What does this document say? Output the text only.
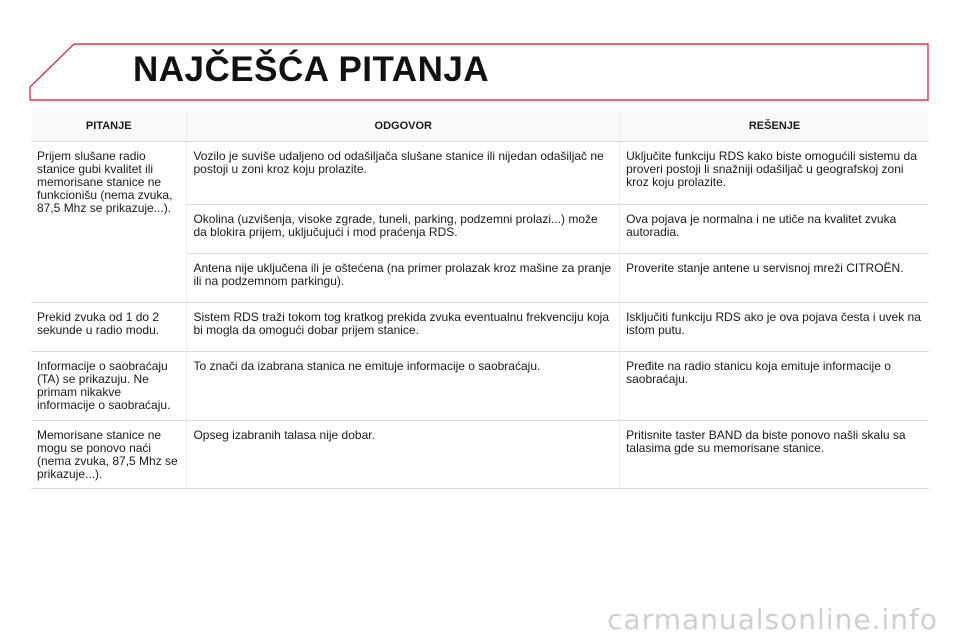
NAJČEŠĆA PITANJA
PITANJE	ODGOVOR	REŠENJE
Prijem slušane radio stanice gubi kvalitet ili memorisane stanice ne funkcionišu (nema zvuka, 87,5 Mhz se prikazuje...).	Vozilo je suviše udaljeno od odašiljača slušane stanice ili nijedan odašiljač ne postoji u zoni kroz koju prolazite.	Uključite funkciju RDS kako biste omogućili sistemu da proveri postoji li snažniji odašiljač u geografskoj zoni kroz koju prolazite.
	Okolina (uzvišenja, visoke zgrade, tuneli, parking, podzemni prolazi...) može da blokira prijem, uključujući i mod praćenja RDS.	Ova pojava je normalna i ne utiče na kvalitet zvuka autoradia.
	Antena nije uključena ili je oštećena (na primer prolazak kroz mašine za pranje ili na podzemnom parkingu).	Proverite stanje antene u servisnoj mreži CITROËN.
Prekid zvuka od 1 do 2 sekunde u radio modu.	Sistem RDS traži tokom tog kratkog prekida zvuka eventualnu frekvenciju koja bi mogla da omogući dobar prijem stanice.	Isključiti funkciju RDS ako je ova pojava česta i uvek na istom putu.
Informacije o saobraćaju (TA) se prikazuju. Ne primam nikakve informacije o saobraćaju.	To znači da izabrana stanica ne emituje informacije o saobraćaju.	Pređite na radio stanicu koja emituje informacije o saobraćaju.
Memorisane stanice ne mogu se ponovo naći (nema zvuka, 87,5 Mhz se prikazuje...).	Opseg izabranih talasa nije dobar.	Pritisnite taster BAND da biste ponovo našli skalu sa talasima gde su memorisane stanice.
carmanualsonline.info
